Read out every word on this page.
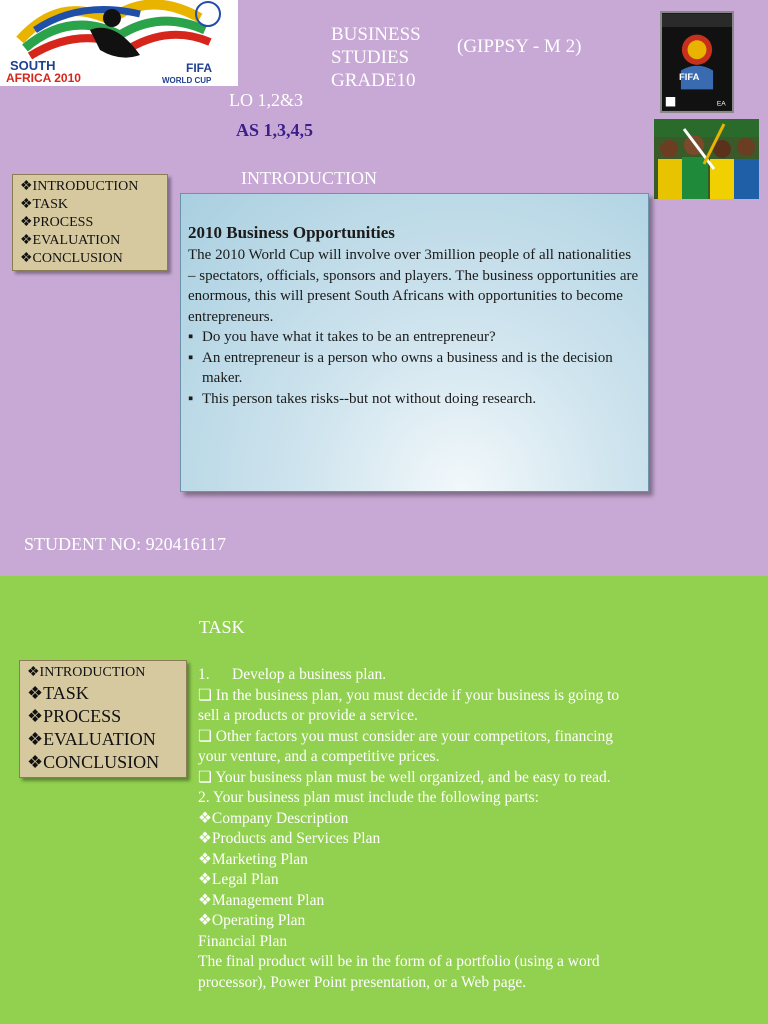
SOUTH
AFRICA 2010
FIFA
WORLD CUP
BUSINESS
STUDIES
GRADE10
(GIPPSY - M 2)
LO 1,2&3
AS 1,3,4,5
INTRODUCTION
FIFA
EA
❖INTRODUCTION
❖TASK
❖PROCESS
❖EVALUATION
❖CONCLUSION
2010 Business Opportunities

The 2010 World Cup will involve over 3million people of all nationalities – spectators, officials, sponsors and players. The business opportunities are enormous, this will present South Africans with opportunities to become entrepreneurs.

▪ Do you have what it takes to be an entrepreneur?
▪ An entrepreneur is a person who owns a business and is the decision maker.
▪ This person takes risks--but not without doing research.
STUDENT NO: 920416117
TASK
❖INTRODUCTION
❖TASK
❖PROCESS
❖EVALUATION
❖CONCLUSION
1. Develop a business plan.
❏ In the business plan, you must decide if your business is going to
sell a products or provide a service.
❏ Other factors you must consider are your competitors, financing
your venture, and a competitive prices.
❏ Your business plan must be well organized, and be easy to read.
2. Your business plan must include the following parts:
❖Company Description
❖Products and Services Plan
❖Marketing Plan
❖Legal Plan
❖Management Plan
❖Operating Plan
Financial Plan
The final product will be in the form of a portfolio (using a word
processor), Power Point presentation, or a Web page.
